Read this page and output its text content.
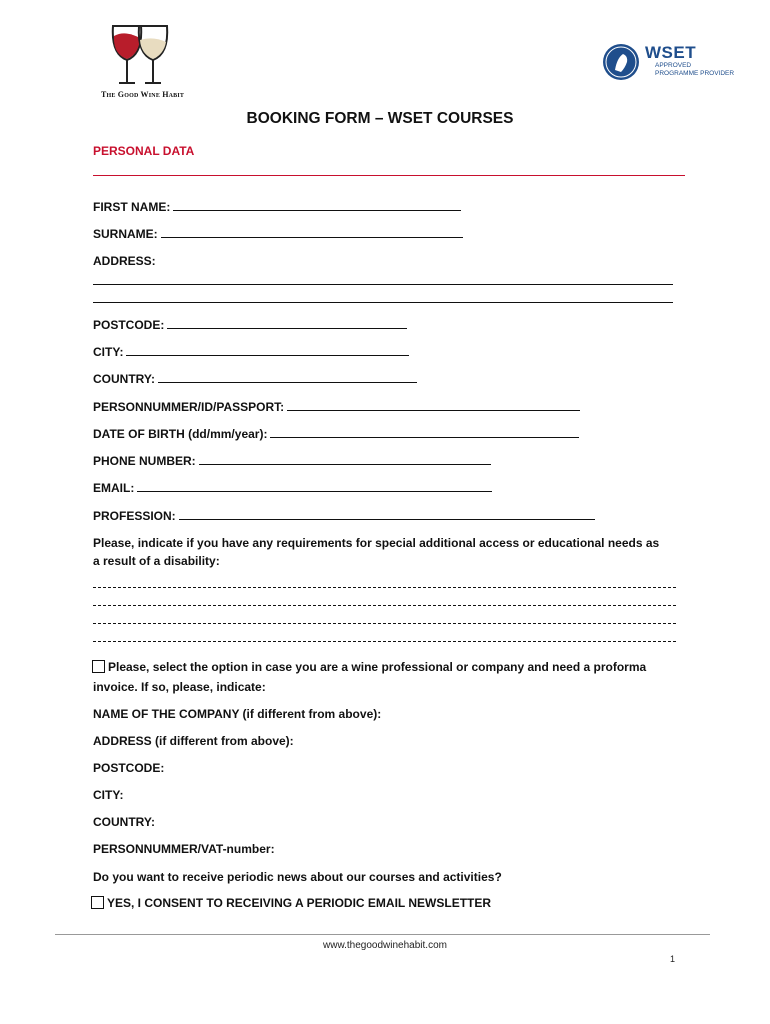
The Good Wine Habit
WSET
APPROVED
PROGRAMME PROVIDER
BOOKING FORM – WSET COURSES
PERSONAL DATA
FIRST NAME:
SURNAME:
ADDRESS:
POSTCODE:
CITY:
COUNTRY:
PERSONNUMMER/ID/PASSPORT:
DATE OF BIRTH (dd/mm/year):
PHONE NUMBER:
EMAIL:
PROFESSION:
Please, indicate if you have any requirements for special additional access or educational needs as
a result of a disability:
Please, select the option in case you are a wine professional or company and need a proforma
invoice. If so, please, indicate:
NAME OF THE COMPANY (if different from above):
ADDRESS (if different from above):
POSTCODE:
CITY:
COUNTRY:
PERSONNUMMER/VAT-number:
Do you want to receive periodic news about our courses and activities?
YES, I CONSENT TO RECEIVING A PERIODIC EMAIL NEWSLETTER
www.thegoodwinehabit.com
1
